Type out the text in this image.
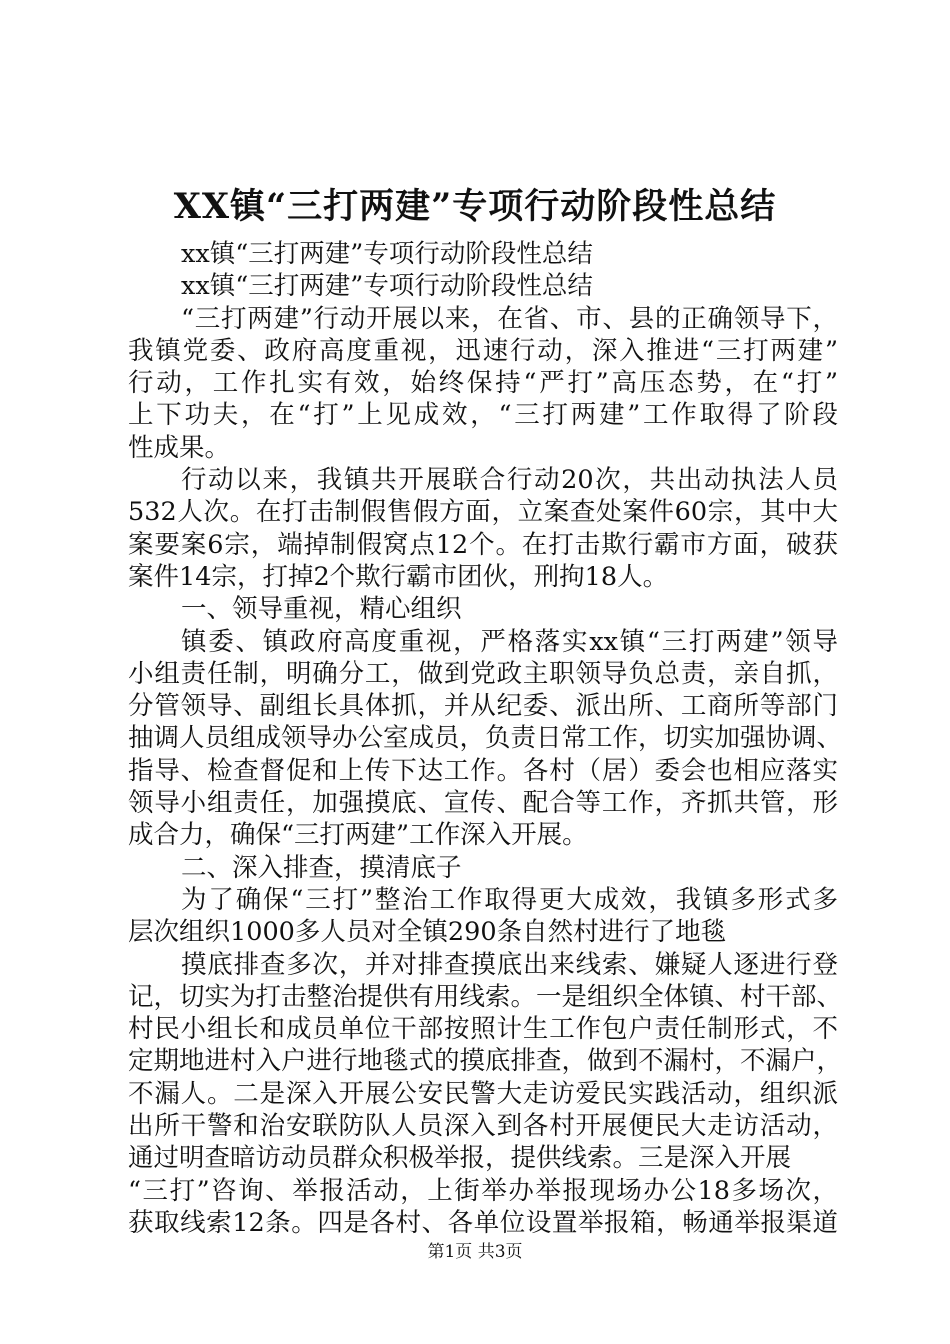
XX镇“三打两建”专项行动阶段性总结
xx镇“三打两建”专项行动阶段性总结
xx镇“三打两建”专项行动阶段性总结
“三打两建”行动开展以来，在省、市、县的正确领导下，
我镇党委、政府高度重视，迅速行动，深入推进“三打两建”
行动，工作扎实有效，始终保持“严打”高压态势，在“打”
上下功夫，在“打”上见成效，“三打两建”工作取得了阶段
性成果。
行动以来，我镇共开展联合行动20次，共出动执法人员
532人次。在打击制假售假方面，立案查处案件60宗，其中大
案要案6宗，端掉制假窝点12个。在打击欺行霸市方面，破获
案件14宗，打掉2个欺行霸市团伙，刑拘18人。
一、领导重视，精心组织
镇委、镇政府高度重视，严格落实xx镇“三打两建”领导
小组责任制，明确分工，做到党政主职领导负总责，亲自抓，
分管领导、副组长具体抓，并从纪委、派出所、工商所等部门
抽调人员组成领导办公室成员，负责日常工作，切实加强协调、
指导、检查督促和上传下达工作。各村（居）委会也相应落实
领导小组责任，加强摸底、宣传、配合等工作，齐抓共管，形
成合力，确保“三打两建”工作深入开展。
二、深入排查，摸清底子
为了确保“三打”整治工作取得更大成效，我镇多形式多
层次组织1000多人员对全镇290条自然村进行了地毯
摸底排查多次，并对排查摸底出来线索、嫌疑人逐进行登
记，切实为打击整治提供有用线索。一是组织全体镇、村干部、
村民小组长和成员单位干部按照计生工作包户责任制形式，不
定期地进村入户进行地毯式的摸底排查，做到不漏村，不漏户，
不漏人。二是深入开展公安民警大走访爱民实践活动，组织派
出所干警和治安联防队人员深入到各村开展便民大走访活动，
通过明查暗访动员群众积极举报，提供线索。三是深入开展
“三打”咨询、举报活动，上街举办举报现场办公18多场次，
获取线索12条。四是各村、各单位设置举报箱，畅通举报渠道
第1页 共3页
